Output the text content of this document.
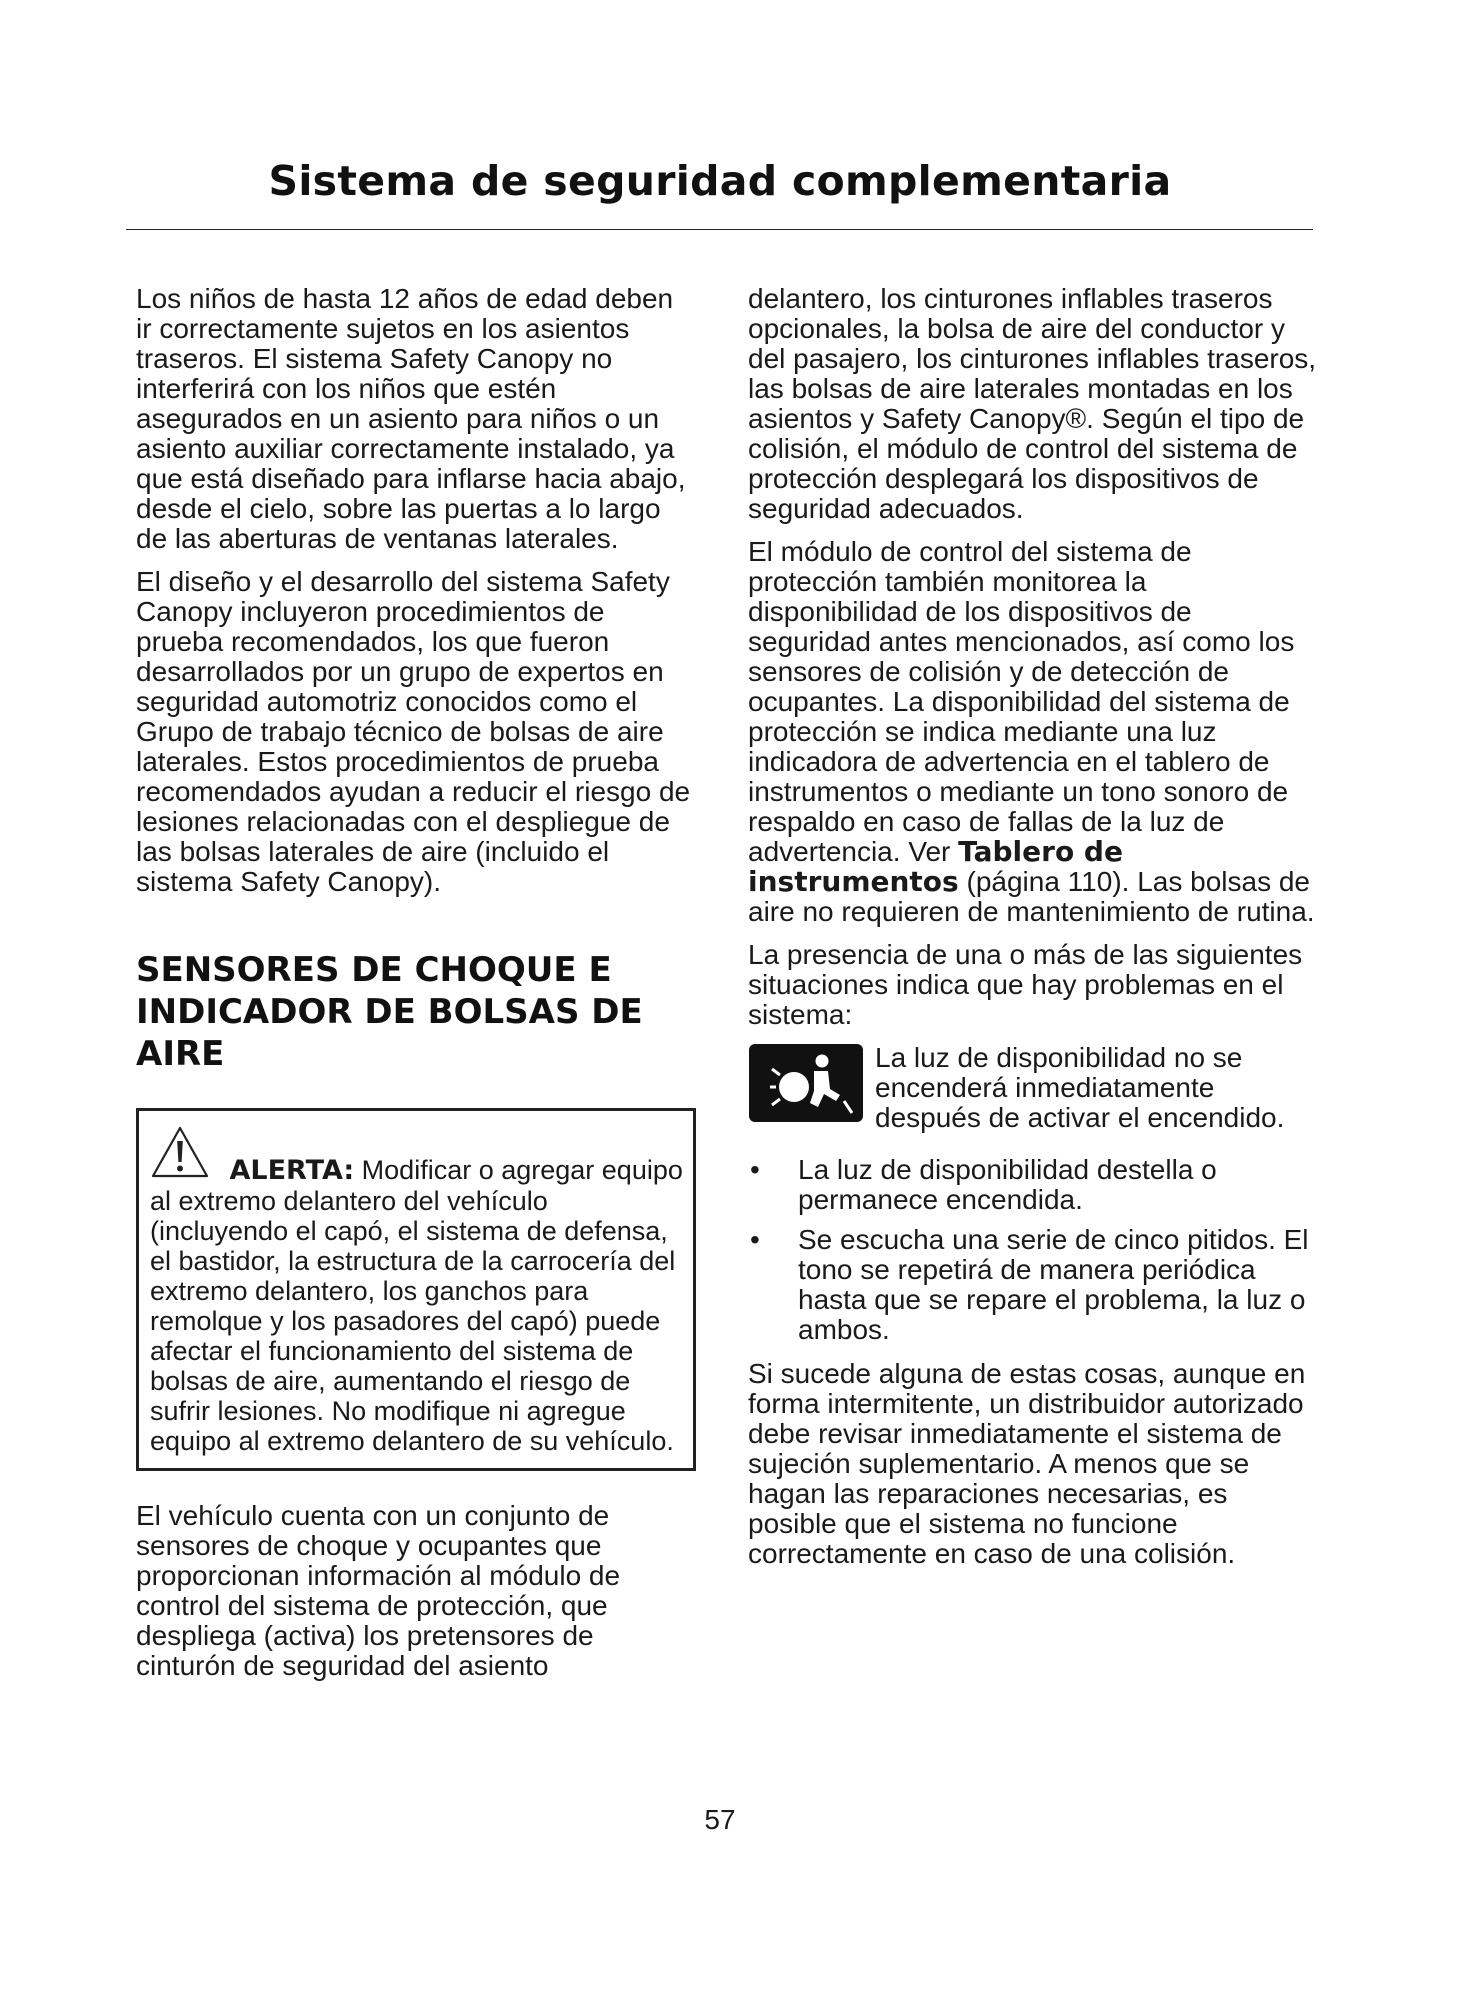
Sistema de seguridad complementaria

Los niños de hasta 12 años de edad deben ir correctamente sujetos en los asientos traseros. El sistema Safety Canopy no interferirá con los niños que estén asegurados en un asiento para niños o un asiento auxiliar correctamente instalado, ya que está diseñado para inflarse hacia abajo, desde el cielo, sobre las puertas a lo largo de las aberturas de ventanas laterales.

El diseño y el desarrollo del sistema Safety Canopy incluyeron procedimientos de prueba recomendados, los que fueron desarrollados por un grupo de expertos en seguridad automotriz conocidos como el Grupo de trabajo técnico de bolsas de aire laterales. Estos procedimientos de prueba recomendados ayudan a reducir el riesgo de lesiones relacionadas con el despliegue de las bolsas laterales de aire (incluido el sistema Safety Canopy).

SENSORES DE CHOQUE E INDICADOR DE BOLSAS DE AIRE
ALERTA: Modificar o agregar equipo al extremo delantero del vehículo (incluyendo el capó, el sistema de defensa, el bastidor, la estructura de la carrocería del extremo delantero, los ganchos para remolque y los pasadores del capó) puede afectar el funcionamiento del sistema de bolsas de aire, aumentando el riesgo de sufrir lesiones. No modifique ni agregue equipo al extremo delantero de su vehículo.

El vehículo cuenta con un conjunto de sensores de choque y ocupantes que proporcionan información al módulo de control del sistema de protección, que despliega (activa) los pretensores de cinturón de seguridad del asiento

delantero, los cinturones inflables traseros opcionales, la bolsa de aire del conductor y del pasajero, los cinturones inflables traseros, las bolsas de aire laterales montadas en los asientos y Safety Canopy®. Según el tipo de colisión, el módulo de control del sistema de protección desplegará los dispositivos de seguridad adecuados.

El módulo de control del sistema de protección también monitorea la disponibilidad de los dispositivos de seguridad antes mencionados, así como los sensores de colisión y de detección de ocupantes. La disponibilidad del sistema de protección se indica mediante una luz indicadora de advertencia en el tablero de instrumentos o mediante un tono sonoro de respaldo en caso de fallas de la luz de advertencia. Ver Tablero de instrumentos (página 110). Las bolsas de aire no requieren de mantenimiento de rutina.

La presencia de una o más de las siguientes situaciones indica que hay problemas en el sistema:

La luz de disponibilidad no se encenderá inmediatamente después de activar el encendido.
• La luz de disponibilidad destella o permanece encendida.
• Se escucha una serie de cinco pitidos. El tono se repetirá de manera periódica hasta que se repare el problema, la luz o ambos.

Si sucede alguna de estas cosas, aunque en forma intermitente, un distribuidor autorizado debe revisar inmediatamente el sistema de sujeción suplementario. A menos que se hagan las reparaciones necesarias, es posible que el sistema no funcione correctamente en caso de una colisión.

57
